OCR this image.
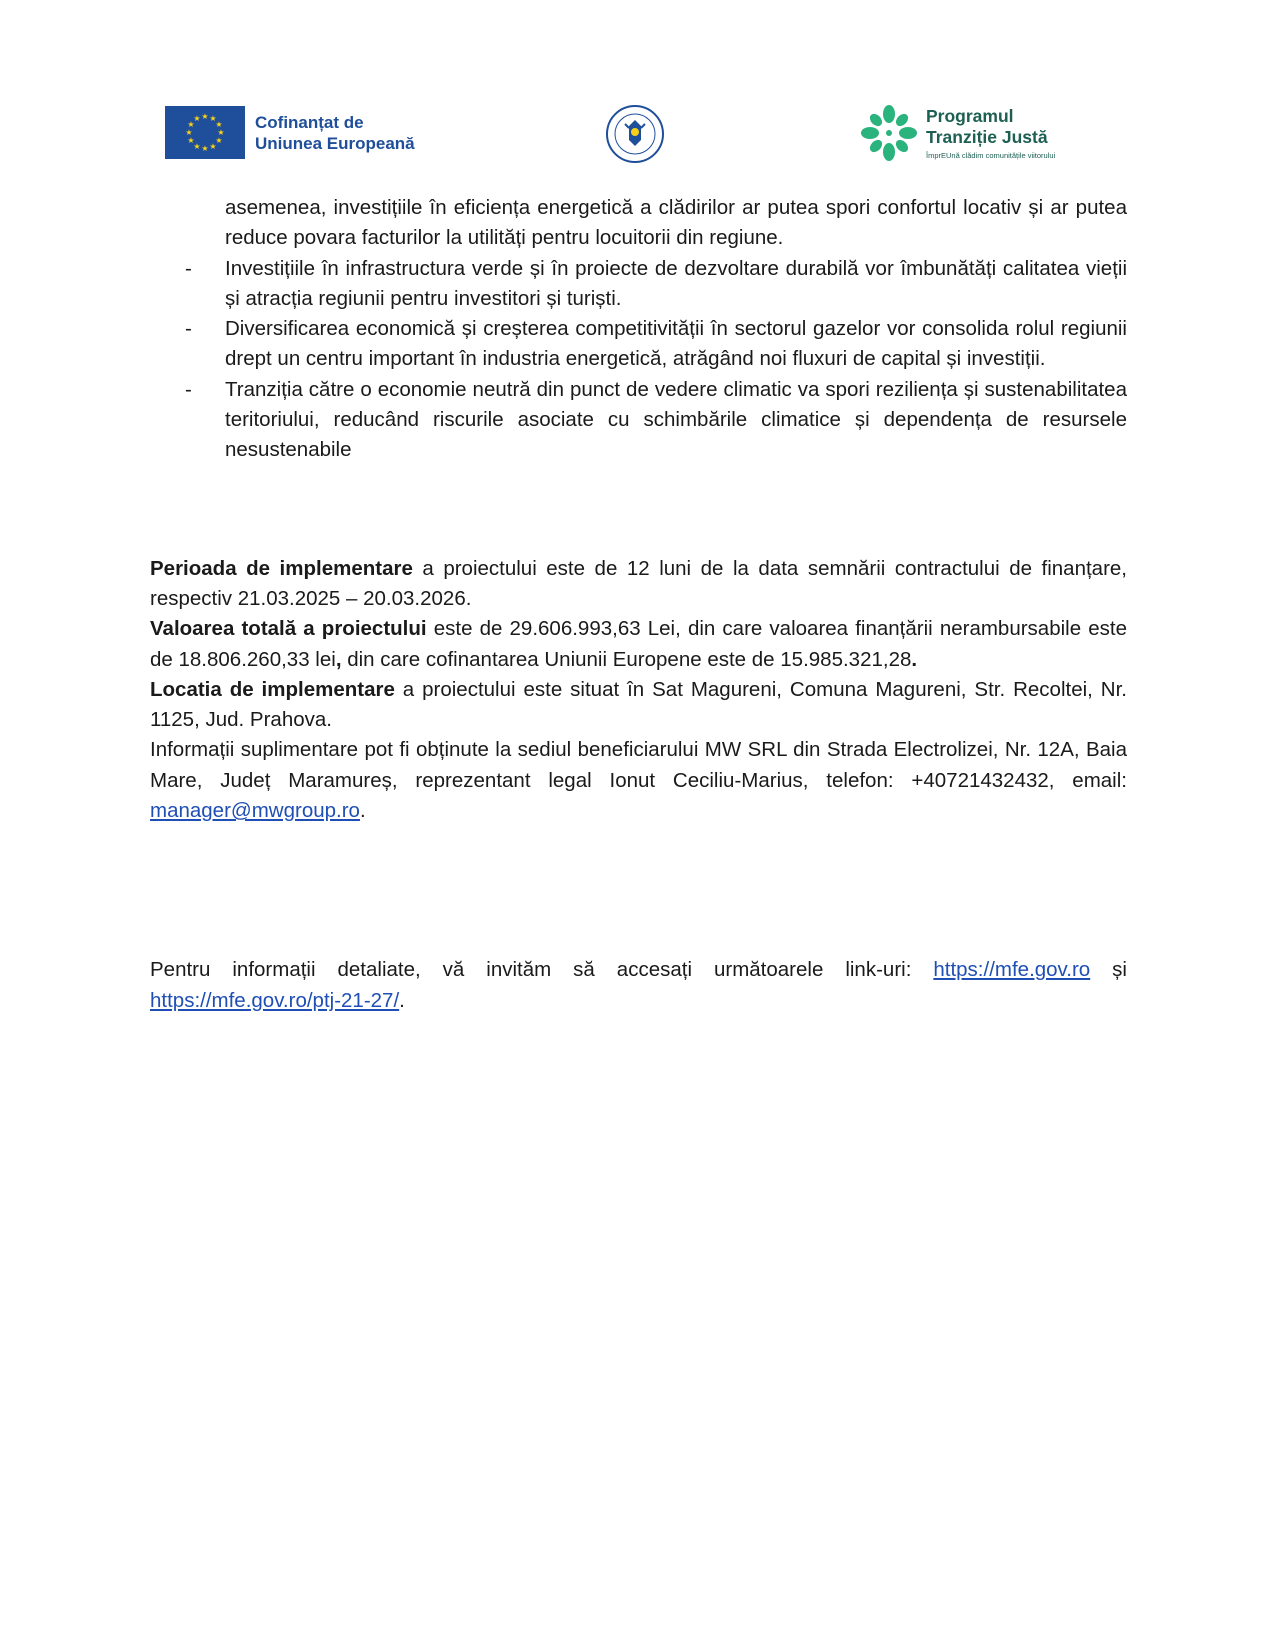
★ ★
★
★
★
★
★
★
★
★
★
★	Cofinanțat de
Uniunea Europeană
Programul
Tranziție Justă
ÎmprEUnă clădim comunitățile viitorului

asemenea, investițiile în eficiența energetică a clădirilor ar putea spori confortul locativ și ar putea reduce povara facturilor la utilități pentru locuitorii din regiune.

- Investițiile în infrastructura verde și în proiecte de dezvoltare durabilă vor îmbunătăți calitatea vieții și atracția regiunii pentru investitori și turiști.
- Diversificarea economică și creșterea competitivității în sectorul gazelor vor consolida rolul regiunii drept un centru important în industria energetică, atrăgând noi fluxuri de capital și investiții.
- Tranziția către o economie neutră din punct de vedere climatic va spori reziliența și sustenabilitatea teritoriului, reducând riscurile asociate cu schimbările climatice și dependența de resursele nesustenabile

Perioada de implementare a proiectului este de 12 luni de la data semnării contractului de finanțare, respectiv 21.03.2025 – 20.03.2026.

Valoarea totală a proiectului este de 29.606.993,63 Lei, din care valoarea finanțării nerambursabile este de 18.806.260,33 lei, din care cofinantarea Uniunii Europene este de 15.985.321,28.

Locatia de implementare a proiectului este situat în Sat Magureni, Comuna Magureni, Str. Recoltei, Nr. 1125, Jud. Prahova.

Informații suplimentare pot fi obținute la sediul beneficiarului MW SRL din Strada Electrolizei, Nr. 12A, Baia Mare, Județ Maramureș, reprezentant legal Ionut Ceciliu-Marius, telefon: +40721432432, email: manager@mwgroup.ro.

Pentru informații detaliate, vă invităm să accesați următoarele link-uri: https://mfe.gov.ro și https://mfe.gov.ro/ptj-21-27/.
